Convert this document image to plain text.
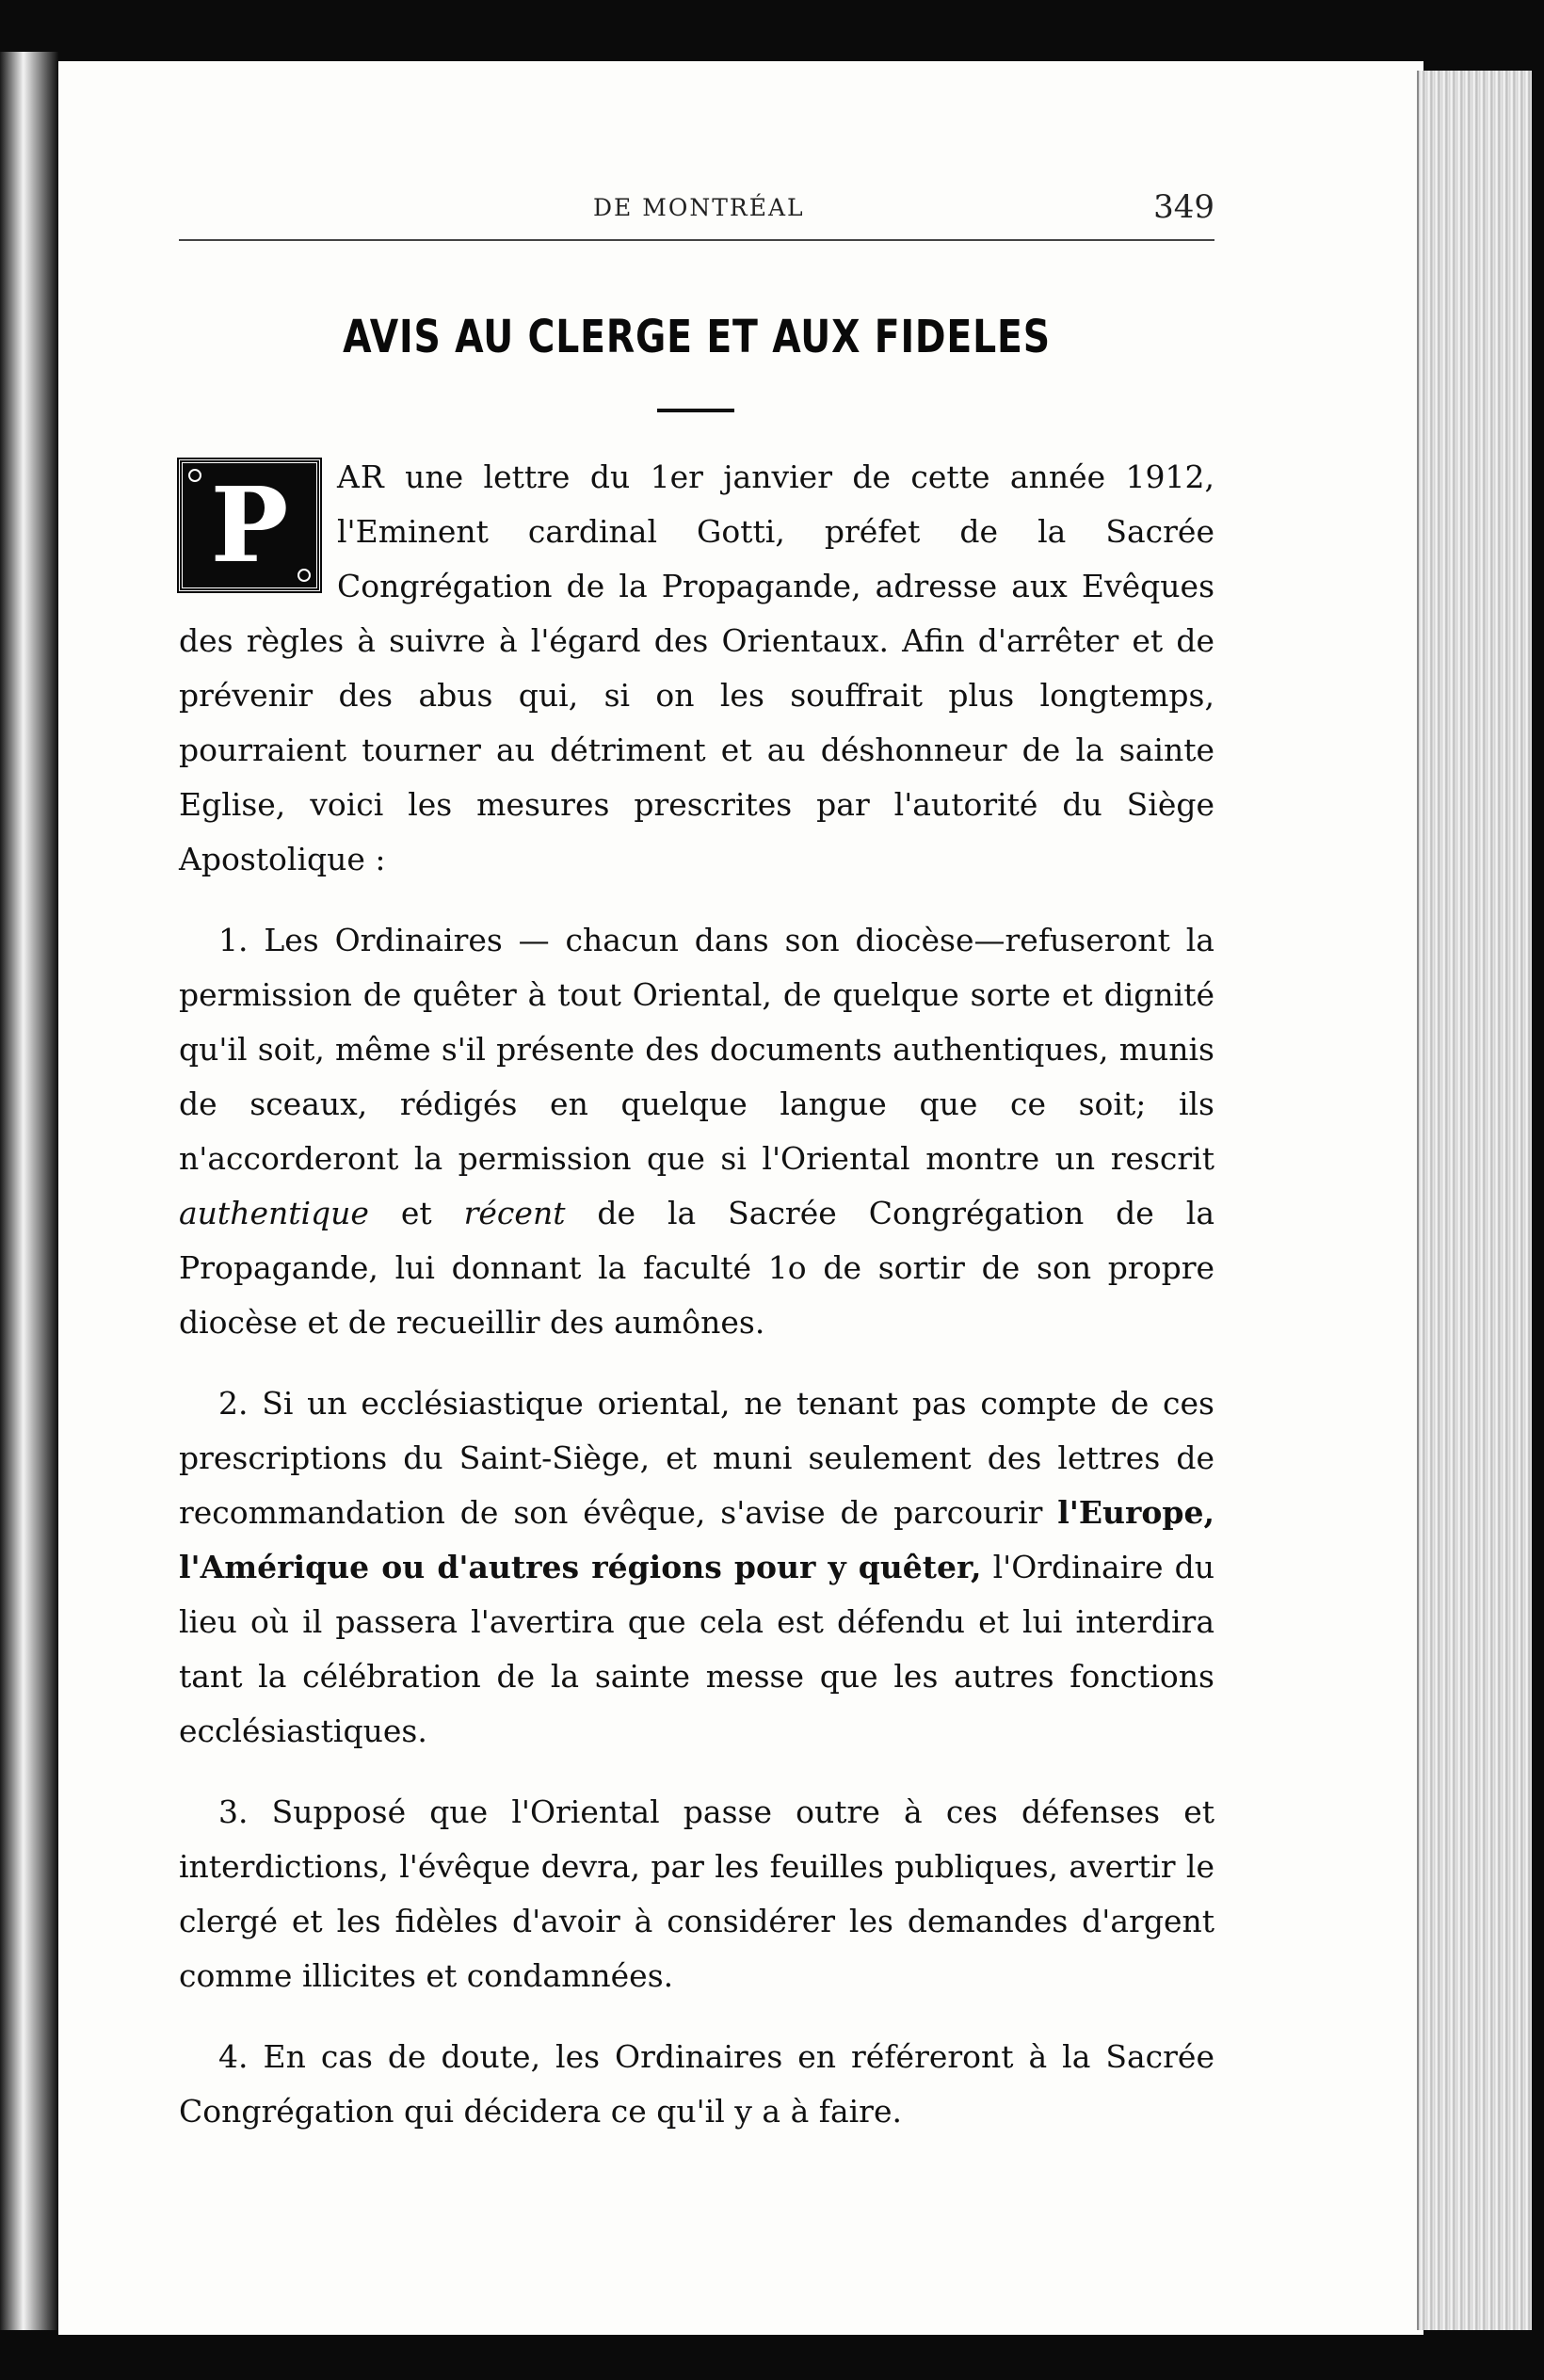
DE MONTRÉAL	349
AVIS AU CLERGE ET AUX FIDELES

P AR une lettre du 1er janvier de cette année 1912, l'Eminent cardinal Gotti, préfet de la Sacrée Congrégation de la Propagande, adresse aux Evêques des règles à suivre à l'égard des Orientaux. Afin d'arrêter et de prévenir des abus qui, si on les souffrait plus longtemps, pourraient tourner au détriment et au déshonneur de la sainte Eglise, voici les mesures prescrites par l'autorité du Siège Apostolique :

1. Les Ordinaires — chacun dans son diocèse—refuseront la permission de quêter à tout Oriental, de quelque sorte et dignité qu'il soit, même s'il présente des documents authentiques, munis de sceaux, rédigés en quelque langue que ce soit; ils n'accorderont la permission que si l'Oriental montre un rescrit authentique et récent de la Sacrée Congrégation de la Propagande, lui donnant la faculté 1o de sortir de son propre diocèse et de recueillir des aumônes.

2. Si un ecclésiastique oriental, ne tenant pas compte de ces prescriptions du Saint-Siège, et muni seulement des lettres de recommandation de son évêque, s'avise de parcourir l'Europe, l'Amérique ou d'autres régions pour y quêter, l'Ordinaire du lieu où il passera l'avertira que cela est défendu et lui interdira tant la célébration de la sainte messe que les autres fonctions ecclésiastiques.

3. Supposé que l'Oriental passe outre à ces défenses et interdictions, l'évêque devra, par les feuilles publiques, avertir le clergé et les fidèles d'avoir à considérer les demandes d'argent comme illicites et condamnées.

4. En cas de doute, les Ordinaires en référeront à la Sacrée Congrégation qui décidera ce qu'il y a à faire.
